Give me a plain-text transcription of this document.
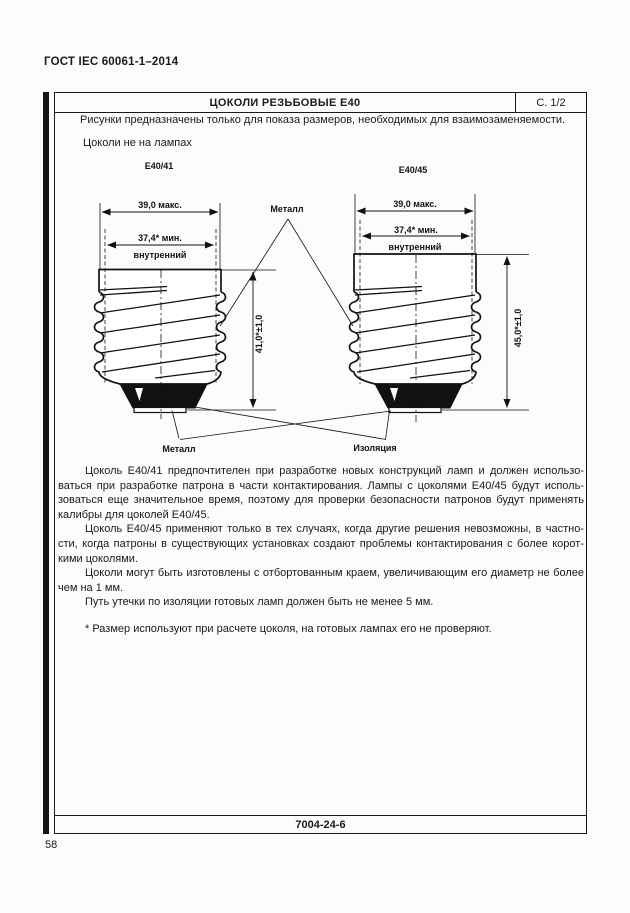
ГОСТ IEC 60061-1–2014
ЦОКОЛИ РЕЗЬБОВЫЕ Е40	С. 1/2
Рисунки предназначены только для показа размеров, необходимых для взаимозаменяемости.
Цоколи не на лампах
Е40/41	Е40/45
39,0 макс.
37,4* мин.
внутренний
39,0 макс.
37,4* мин.
внутренний
41,0*±1,0	45,0*±1,0
Металл
Металл	Изоляция
Цоколь Е40/41 предпочтителен при разработке новых конструкций ламп и должен использо-
ваться при разработке патрона в части контактирования. Лампы с цоколями Е40/45 будут исполь-
зоваться еще значительное время, поэтому для проверки безопасности патронов будут применять
калибры для цоколей Е40/45.
Цоколь Е40/45 применяют только в тех случаях, когда другие решения невозможны, в частно-
сти, когда патроны в существующих установках создают проблемы контактирования с более корот-
кими цоколями.
Цоколи могут быть изготовлены с отбортованным краем, увеличивающим его диаметр не более
чем на 1 мм.
Путь утечки по изоляции готовых ламп должен быть не менее 5 мм.
* Размер используют при расчете цоколя, на готовых лампах его не проверяют.
7004-24-6
58
